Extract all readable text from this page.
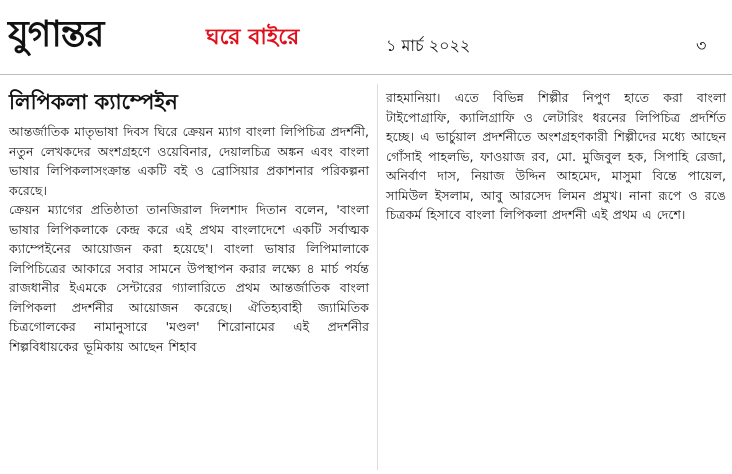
যুগান্তর	ঘরে বাইরে	১ মার্চ ২০২২	৩
লিপিকলা ক্যাম্পেইন

আন্তর্জাতিক মাতৃভাষা দিবস ঘিরে ক্রেয়ন ম্যাগ বাংলা লিপিচিত্র প্রদর্শনী, নতুন লেখকদের অংশগ্রহণে ওয়েবিনার, দেয়ালচিত্র অঙ্কন এবং বাংলা ভাষার লিপিকলাসংক্রান্ত একটি বই ও ব্রোসিয়ার প্রকাশনার পরিকল্পনা করেছে।

ক্রেয়ন ম্যাগের প্রতিষ্ঠাতা তানজিরাল দিলশাদ দিতান বলেন, 'বাংলা ভাষার লিপিকলাকে কেন্দ্র করে এই প্রথম বাংলাদেশে একটি সর্বাত্মক ক্যাম্পেইনের আয়োজন করা হয়েছে'। বাংলা ভাষার লিপিমালাকে লিপিচিত্রের আকারে সবার সামনে উপস্থাপন করার লক্ষ্যে ৪ মার্চ পর্যন্ত রাজধানীর ইএমকে সেন্টারের গ্যালারিতে প্রথম আন্তর্জাতিক বাংলা লিপিকলা প্রদর্শনীর আয়োজন করেছে। ঐতিহ্যবাহী জ্যামিতিক চিত্রগোলকের নামানুসারে 'মণ্ডল' শিরোনামের এই প্রদর্শনীর শিল্পবিধায়কের ভূমিকায় আছেন শিহাব

রাহমানিয়া। এতে বিভিন্ন শিল্পীর নিপুণ হাতে করা বাংলা টাইপোগ্রাফি, ক্যালিগ্রাফি ও লেটারিং ধরনের লিপিচিত্র প্রদর্শিত হচ্ছে। এ ভার্চুয়াল প্রদর্শনীতে অংশগ্রহণকারী শিল্পীদের মধ্যে আছেন গোঁসাই পাহলভি, ফাওয়াজ রব, মো. মুজিবুল হক, সিপাহি রেজা, অনির্বাণ দাস, নিয়াজ উদ্দিন আহমেদ, মাসুমা বিন্তে পায়েল, সামিউল ইসলাম, আবু আরসেদ লিমন প্রমুখ। নানা রূপে ও রঙে চিত্রকর্ম হিসাবে বাংলা লিপিকলা প্রদর্শনী এই প্রথম এ দেশে।
